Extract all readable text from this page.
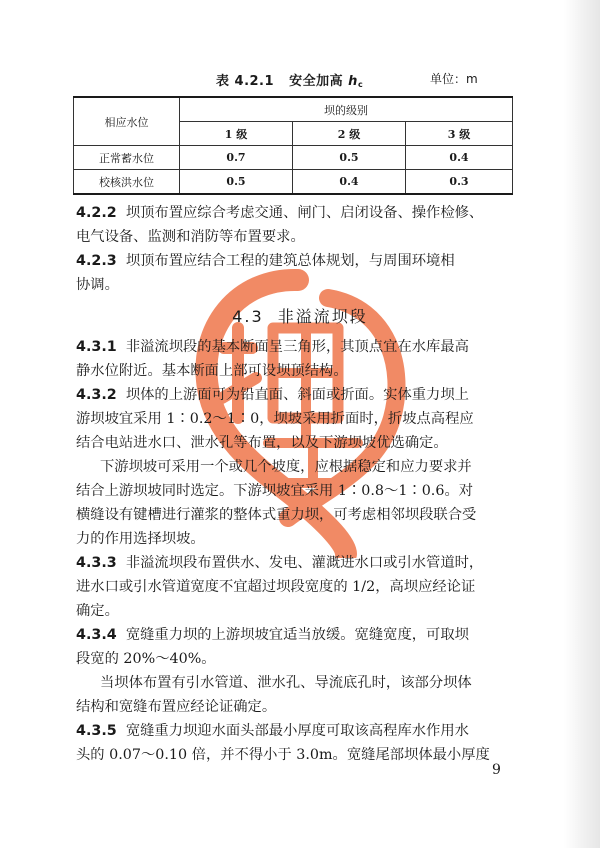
表 4.2.1 安全加高 $h_c$	单位：m
相应水位	坝的级别		
	1 级	2 级	3 级
正常蓄水位	0.7	0.5	0.4
校核洪水位	0.5	0.4	0.3
4.2.2 坝顶布置应综合考虑交通、闸门、启闭设备、操作检修、
电气设备、监测和消防等布置要求。
4.2.3 坝顶布置应结合工程的建筑总体规划，与周围环境相
协调。
4.3 非溢流坝段
4.3.1 非溢流坝段的基本断面呈三角形，其顶点宜在水库最高
静水位附近。基本断面上部可设坝顶结构。
4.3.2 坝体的上游面可为铅直面、斜面或折面。实体重力坝上
游坝坡宜采用 1∶0.2～1∶0，坝坡采用折面时，折坡点高程应
结合电站进水口、泄水孔等布置，以及下游坝坡优选确定。
下游坝坡可采用一个或几个坡度，应根据稳定和应力要求并
结合上游坝坡同时选定。下游坝坡宜采用 1∶0.8～1∶0.6。对
横缝设有键槽进行灌浆的整体式重力坝，可考虑相邻坝段联合受
力的作用选择坝坡。
4.3.3 非溢流坝段布置供水、发电、灌溉进水口或引水管道时，
进水口或引水管道宽度不宜超过坝段宽度的 1/2，高坝应经论证
确定。
4.3.4 宽缝重力坝的上游坝坡宜适当放缓。宽缝宽度，可取坝
段宽的 20%～40%。
当坝体布置有引水管道、泄水孔、导流底孔时，该部分坝体
结构和宽缝布置应经论证确定。
4.3.5 宽缝重力坝迎水面头部最小厚度可取该高程库水作用水
头的 0.07～0.10 倍，并不得小于 3.0m。宽缝尾部坝体最小厚度
9
